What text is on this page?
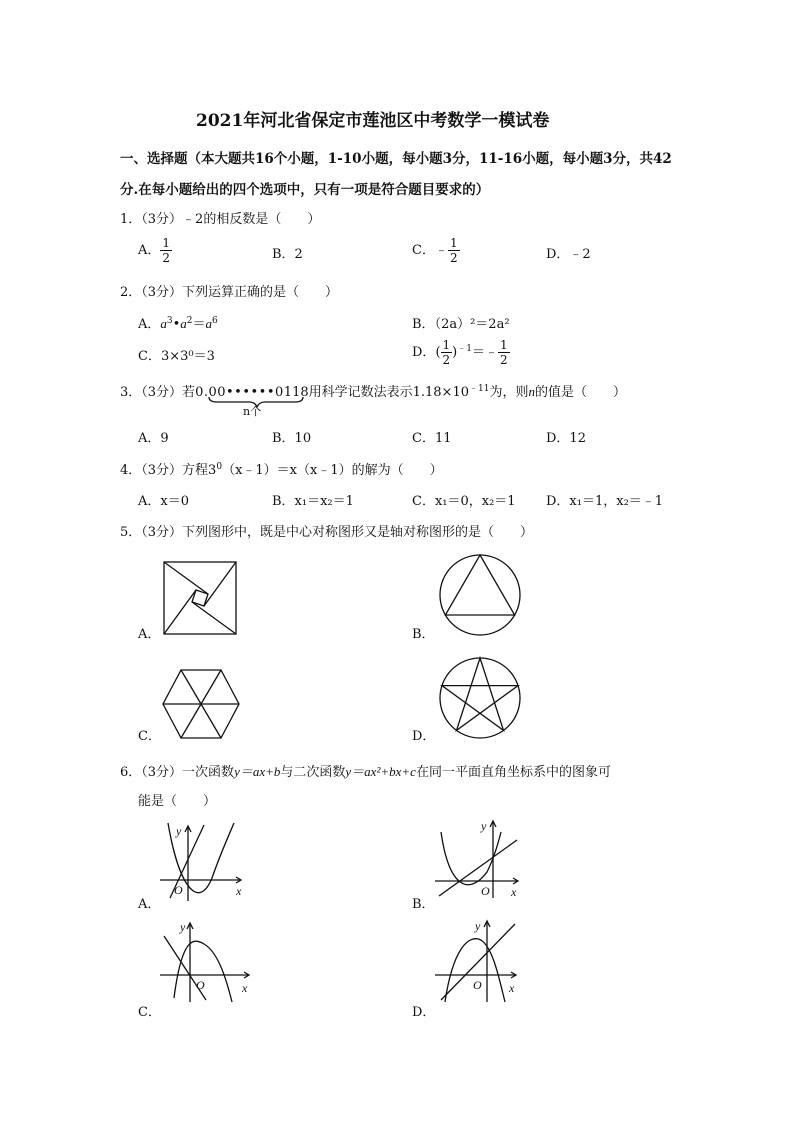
2021年河北省保定市莲池区中考数学一模试卷
一、选择题（本大题共16个小题，1-10小题，每小题3分，11-16小题，每小题3分，共42
分.在每小题给出的四个选项中，只有一项是符合题目要求的）
1．（3分）﹣2的相反数是（　　）
A． $\frac{1}{2}$	B．2	C．﹣ $\frac{1}{2}$	D．﹣2
2．（3分）下列运算正确的是（　　）
A．$a^3•a^2=a^6$	B．（2a）²＝2a²
C．3×3⁰＝3	D．( $\frac{1}{2}$ )$^{﹣1}$＝﹣ $\frac{1}{2}$
3．（3分）若0.00••••••0118用科学记数法表示$1.18\times 10^{﹣11}$为，则n的值是（　　）
n个
A．9	B．10	C．11	D．12
4．（3分）方程$3^0(x﹣1)=x(x﹣1)$的解为（　　）
A．x＝0	B．x₁＝x₂＝1	C．x₁＝0，x₂＝1 D．x₁＝1，x₂＝﹣1
5．（3分）下列图形中，既是中心对称图形又是轴对称图形的是（　　）
A．	B．
C．	D．
6．（3分）一次函数y＝ax+b与二次函数y＝ax²+bx+c在同一平面直角坐标系中的图象可
能是（　　）
y
x
O
A．
y
x
O
B．
y
x
O
C．
y
x
O
D．
